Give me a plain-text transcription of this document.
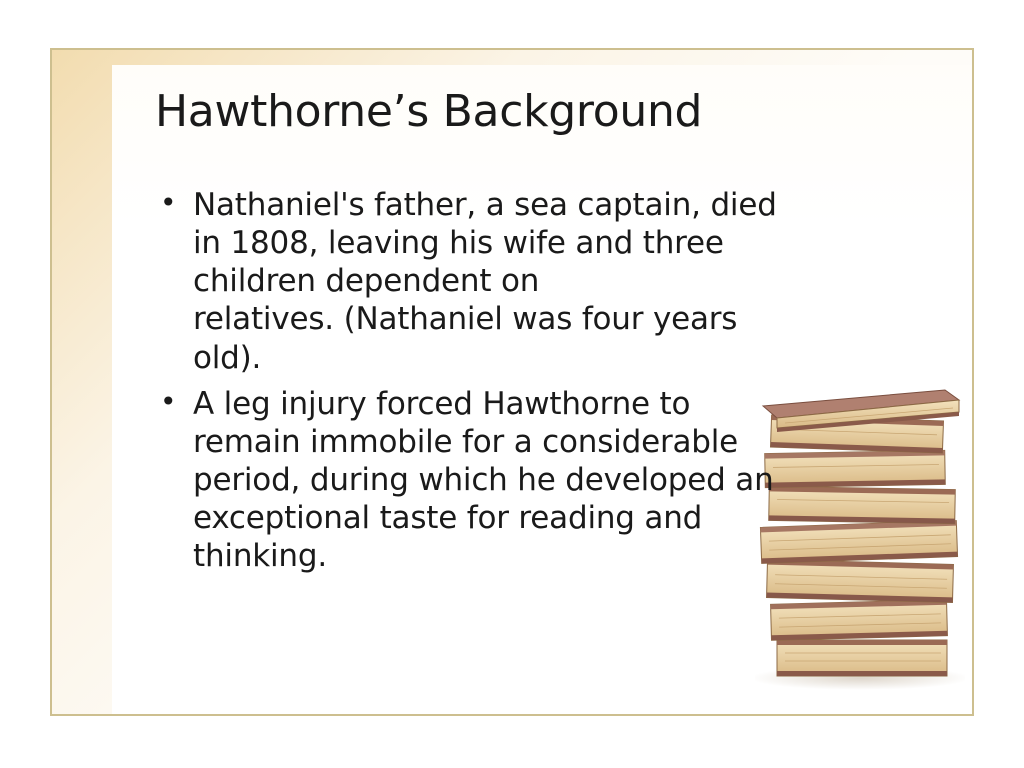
Hawthorne’s Background
• Nathaniel's father, a sea captain, died
in 1808, leaving his wife and three
children dependent on
relatives. (Nathaniel was four years
old).
• A leg injury forced Hawthorne to
remain immobile for a considerable
period, during which he developed an
exceptional taste for reading and
thinking.
